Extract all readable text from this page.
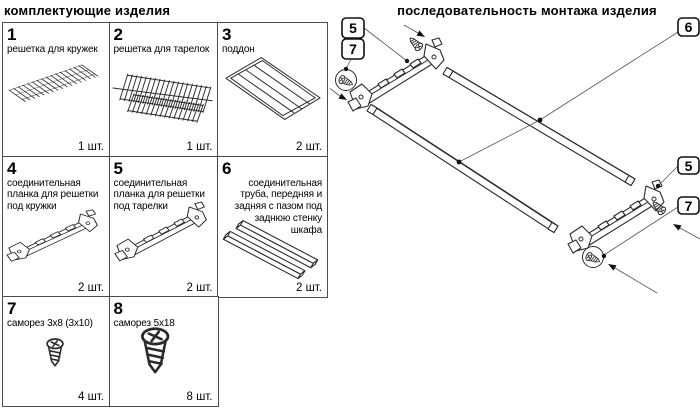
комплектующие изделия	последовательность монтажа изделия
1
решетка для кружек
1 шт.
2
решетка для тарелок
1 шт.
3
поддон
2 шт.
4
соединительная планка для решетки под кружки
2 шт.
5
соединительная планка для решетки под тарелки
2 шт.
6
соединительная труба, передняя и задняя с пазом под заднюю стенку шкафа
2 шт.
7
саморез 3x8 (3x10)
4 шт.
8
саморез 5x18
8 шт.
5
7
6
5
7
